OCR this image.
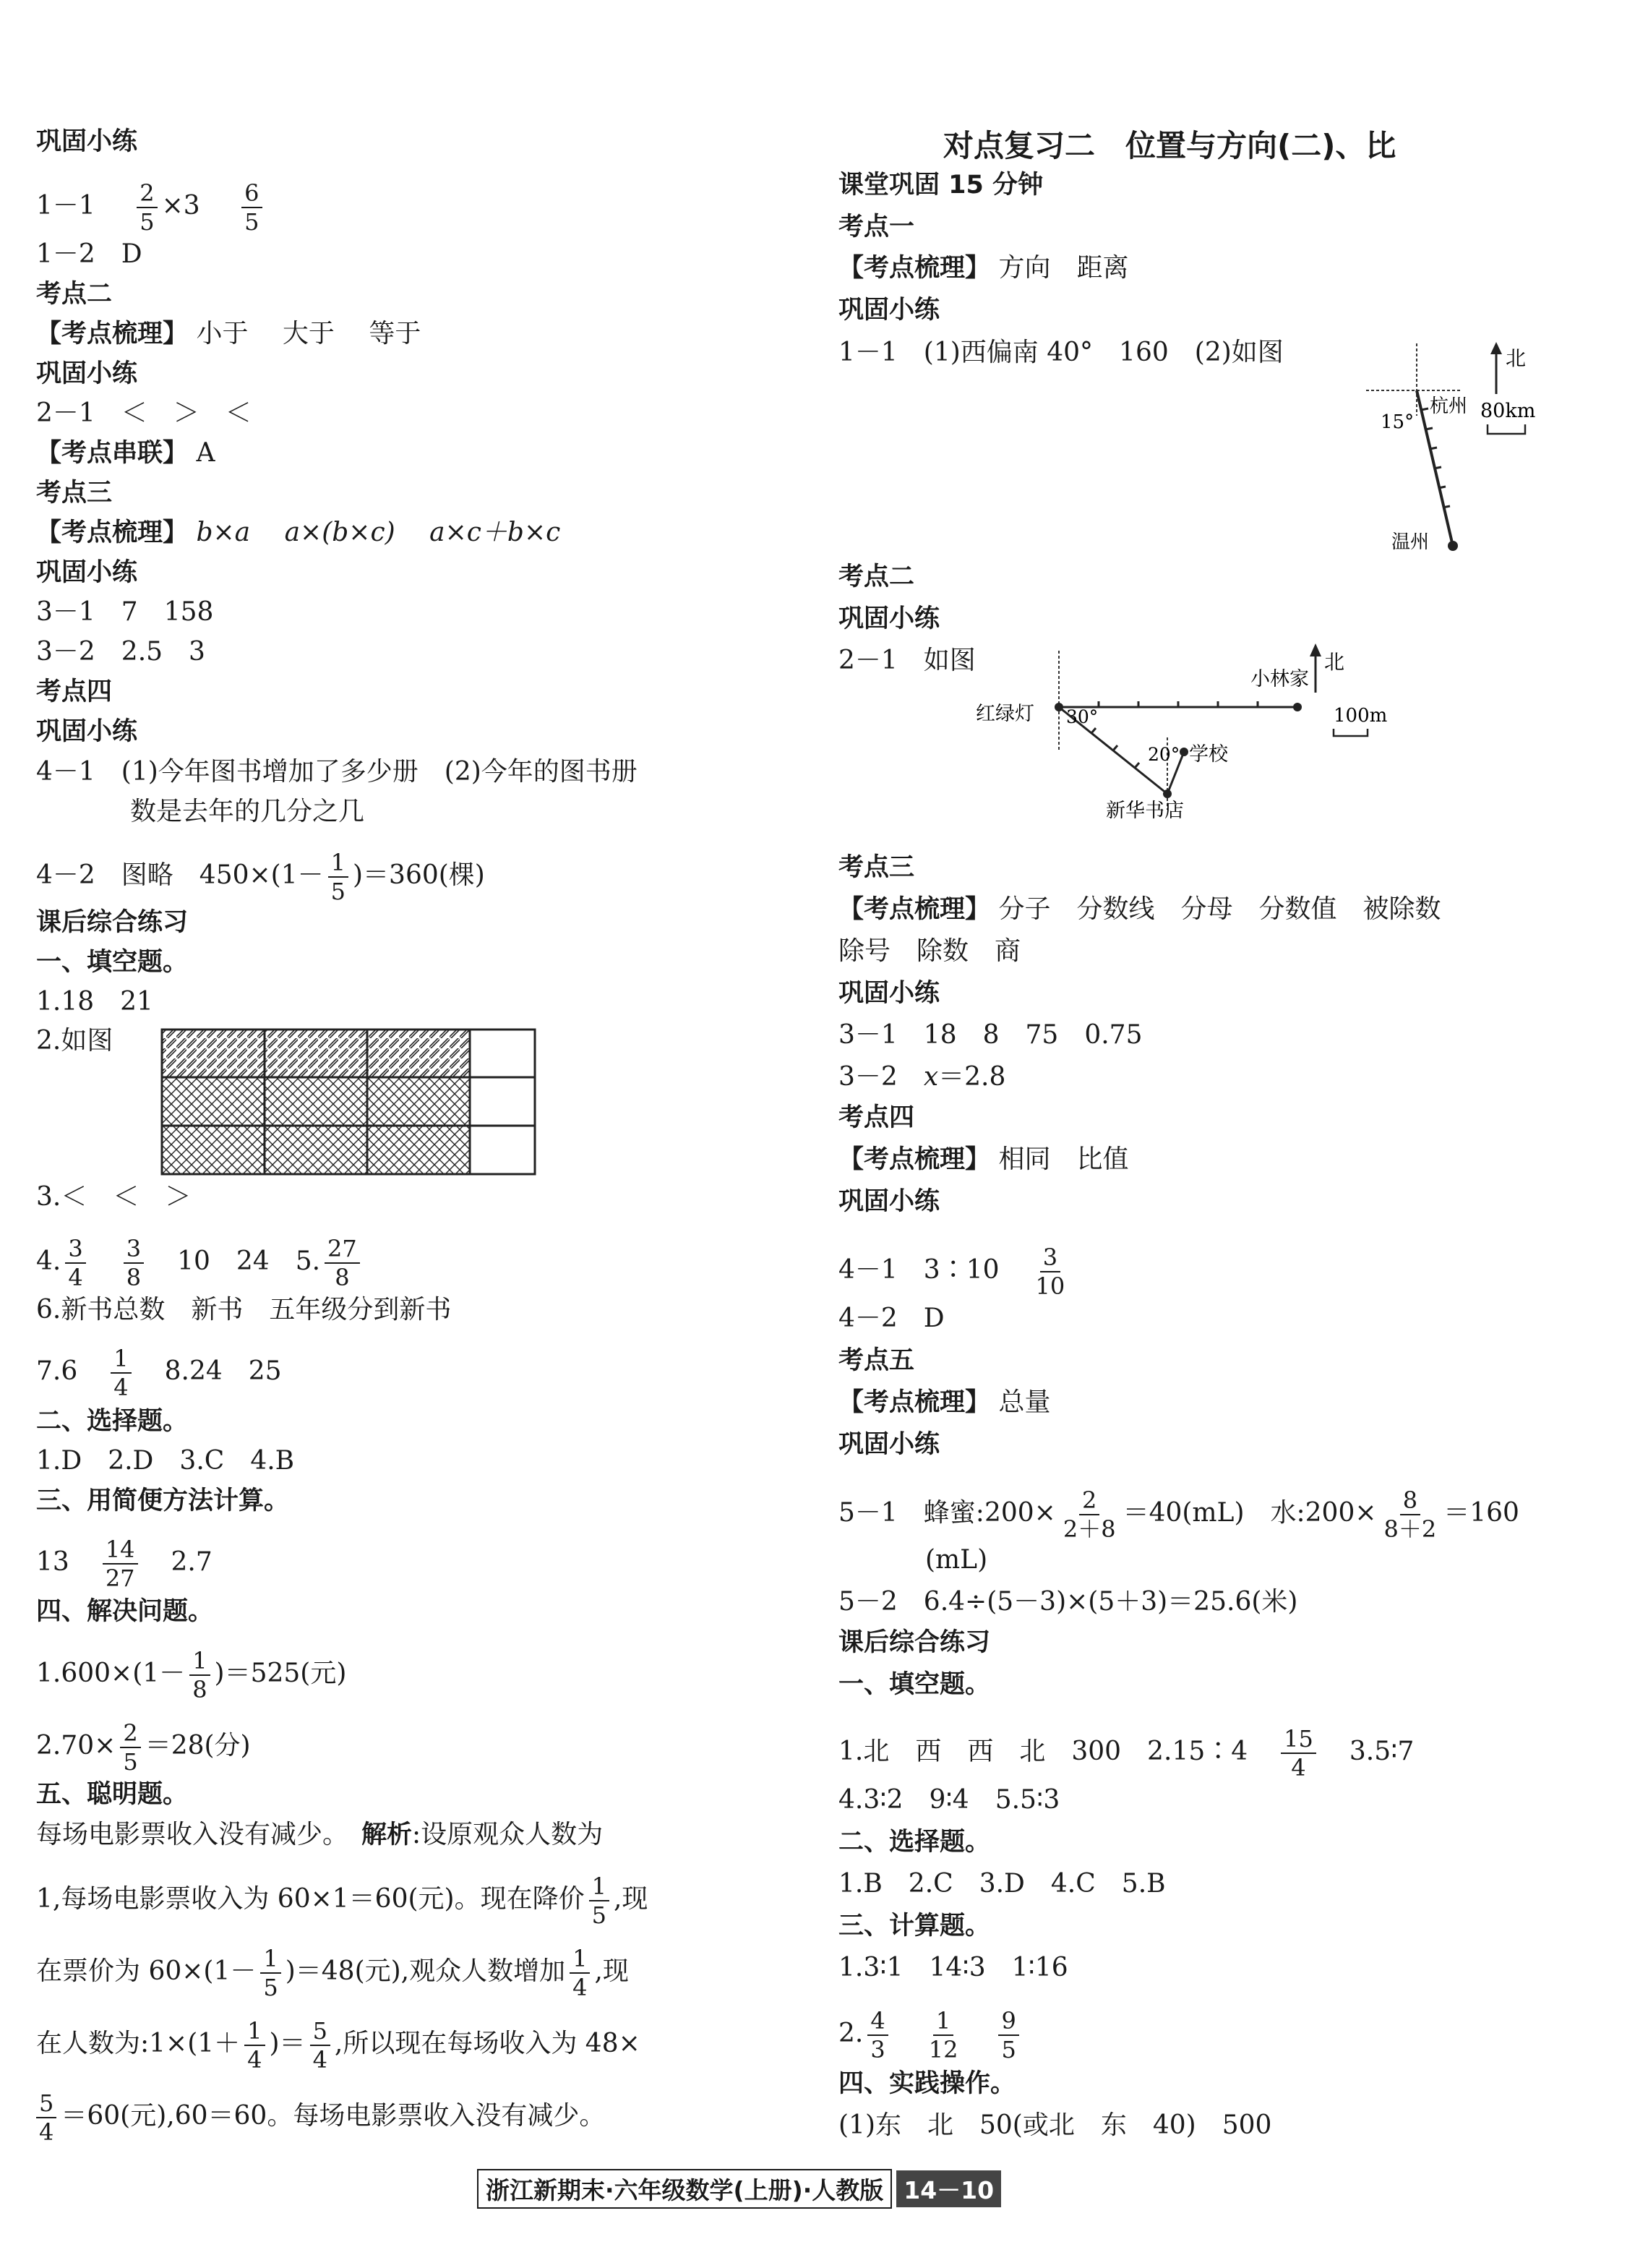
巩固小练
$1-1 \frac{2}{5} \times 3 \frac{6}{5}$
1－2　D
考点二
【考点梳理】 小于　 大于　 等于
巩固小练
2－1　＜　＞　＜
【考点串联】 A
考点三
【考点梳理】 b×a　 a×(b×c)　 a×c＋b×c
巩固小练
3－1　7　158
3－2　2.5　3
考点四
巩固小练
4－1　(1)今年图书增加了多少册　(2)今年的图书册
数是去年的几分之几
4－2　图略　$450\times(1- \frac{1}{5} )=360$(棵)
课后综合练习
一、填空题。
1.18　21
2.如图
3.＜　＜　＞
4. $\frac{3}{4} \frac{3}{8} 10$　24　5. $\frac{27}{8}$
6.新书总数　新书　五年级分到新书
$7.6 \frac{1}{4} 8.24$　25
二、选择题。
1.D　2.D　3.C　4.B
三、用简便方法计算。
$13 \frac{14}{27} 2.7$
四、解决问题。
$1.600\times(1- \frac{1}{8} )=525$(元)
$2.70\times \frac{2}{5} =28$(分)
五、聪明题。
每场电影票收入没有减少。　 解析:设原观众人数为
1,每场电影票收入为 60×1＝60(元)。现在降价 $\frac{1}{5}$ ,现
在票价为 $60\times(1- \frac{1}{5} )=48$(元),观众人数增加 $\frac{1}{4}$ ,现
在人数为:1×(1＋ $\frac{1}{4}$ )＝ $\frac{5}{4}$ ,所以现在每场收入为 48×
$\frac{5}{4} =60$(元),60＝60。每场电影票收入没有减少。
对点复习二　位置与方向(二)、比
课堂巩固 15 分钟
考点一
【考点梳理】 方向　距离
巩固小练
1－1　(1)西偏南 40°　160　(2)如图
杭州
15°
温州
北
80km
考点二
巩固小练
2－1　如图
小林家
红绿灯 30°
20° 学校
新华书店
北
100m
考点三
【考点梳理】 分子　分数线　分母　分数值　被除数
除号　除数　商
巩固小练
3－1　18　8　75　0.75
3－2　x＝2.8
考点四
【考点梳理】 相同　比值
巩固小练
4－1　3∶10 $\frac{3}{10}$
4－2　D
考点五
【考点梳理】 总量
巩固小练
5－1　蜂蜜:200× $\frac{2}{2+8} =40(mL)$　水:200× $\frac{8}{8+2} =160$
(mL)
5－2　6.4÷(5－3)×(5＋3)＝25.6(米)
课后综合练习
一、填空题。
1.北　西　西　北　300　2.15∶4 $\frac{15}{4}$ 3.5∶7
4.3∶2　9∶4　5.5∶3
二、选择题。
1.B　2.C　3.D　4.C　5.B
三、计算题。
1.3∶1　14∶3　1∶16
2. $\frac{4}{3} \frac{1}{12} \frac{9}{5}$
四、实践操作。
(1)东　北　50(或北　东　40)　500
浙江新期末·六年级数学(上册)·人教版 14－10
